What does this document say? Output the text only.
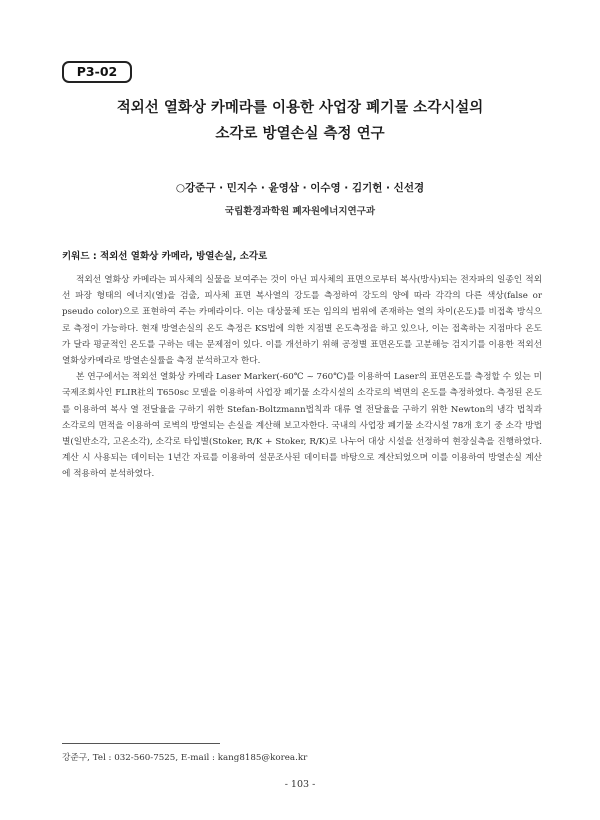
P3-02
적외선 열화상 카메라를 이용한 사업장 폐기물 소각시설의
소각로 방열손실 측정 연구
○강준구 · 민지수 · 윤영삼 · 이수영 · 김기헌 · 신선경
국립환경과학원 폐자원에너지연구과
키워드 : 적외선 열화상 카메라, 방열손실, 소각로

적외선 열화상 카메라는 피사체의 실물을 보여주는 것이 아닌 피사체의 표면으로부터 복사(방사)되는 전자파의 일종인 적외선 파장 형태의 에너지(열)을 검출, 피사체 표면 복사열의 강도를 측정하여 강도의 양에 따라 각각의 다른 색상(false or pseudo color)으로 표현하여 주는 카메라이다. 이는 대상물체 또는 임의의 범위에 존재하는 열의 차이(온도)를 비접촉 방식으로 측정이 가능하다. 현재 방열손실의 온도 측정은 KS법에 의한 지점별 온도측정을 하고 있으나, 이는 접촉하는 지점마다 온도가 달라 평균적인 온도를 구하는 데는 문제점이 있다. 이를 개선하기 위해 공정별 표면온도를 고분해능 검지기를 이용한 적외선열화상카메라로 방열손실률을 측정 분석하고자 한다.

본 연구에서는 적외선 열화상 카메라 Laser Marker(-60℃ ~ 760℃)를 이용하여 Laser의 표면온도를 측정할 수 있는 미국제조회사인 FLIR社의 T650sc 모델을 이용하여 사업장 폐기물 소각시설의 소각로의 벽면의 온도를 측정하였다. 측정된 온도를 이용하여 복사 열 전달율을 구하기 위한 Stefan-Boltzmann법칙과 대류 열 전달율을 구하기 위한 Newton의 냉각 법칙과 소각로의 면적을 이용하여 로벽의 방열되는 손실을 계산해 보고자한다. 국내의 사업장 폐기물 소각시설 78개 호기 중 소각 방법별(일반소각, 고온소각), 소각로 타입별(Stoker, R/K + Stoker, R/K)로 나누어 대상 시설을 선정하여 현장실측을 진행하였다. 계산 시 사용되는 데이터는 1년간 자료를 이용하여 설문조사된 데이터를 바탕으로 계산되었으며 이를 이용하여 방열손실 계산에 적용하여 분석하였다.

강준구, Tel : 032-560-7525, E-mail : kang8185@korea.kr
- 103 -
